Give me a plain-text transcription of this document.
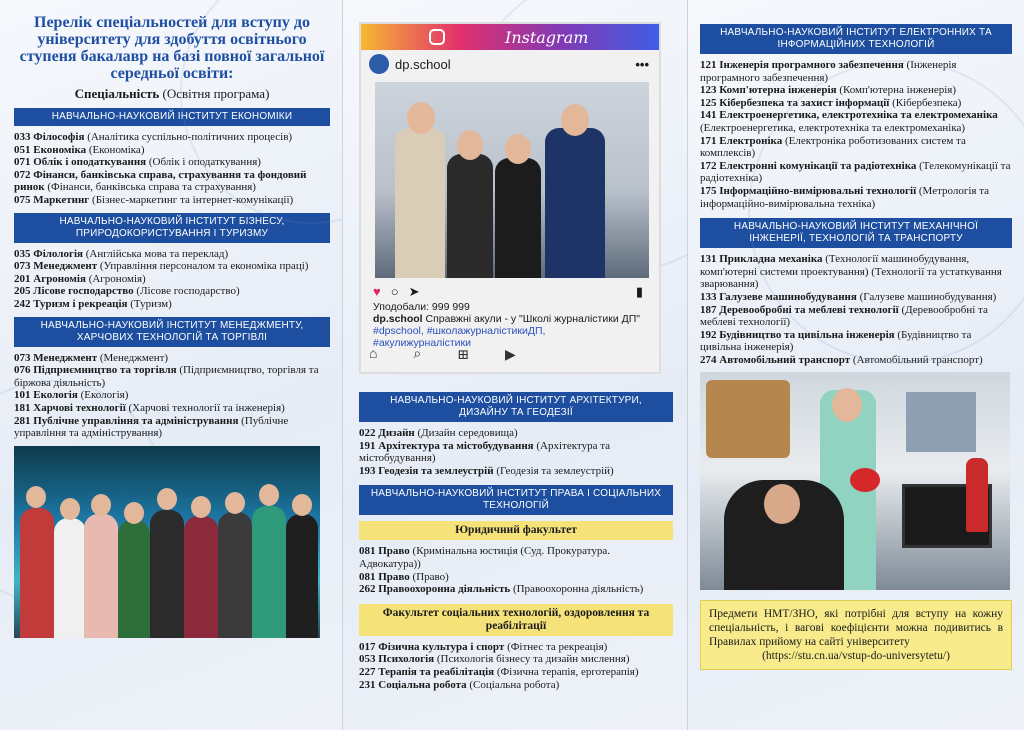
Перелік спеціальностей для вступу до університету для здобуття освітнього ступеня бакалавр на базі повної загальної середньої освіти:

Спеціальність (Освітня програма)

НАВЧАЛЬНО-НАУКОВИЙ ІНСТИТУТ ЕКОНОМІКИ
033 Філософія (Аналітика суспільно-політичних процесів)
051 Економіка (Економіка)
071 Облік і оподаткування (Облік і оподаткування)
072 Фінанси, банківська справа, страхування та фондовий ринок (Фінанси, банківська справа та страхування)
075 Маркетинг (Бізнес-маркетинг та інтернет-комунікації)
НАВЧАЛЬНО-НАУКОВИЙ ІНСТИТУТ БІЗНЕСУ, ПРИРОДОКОРИСТУВАННЯ І ТУРИЗМУ
035 Філологія (Англійська мова та переклад)
073 Менеджмент (Управління персоналом та економіка праці)
201 Агрономія (Агрономія)
205 Лісове господарство (Лісове господарство)
242 Туризм і рекреація (Туризм)
НАВЧАЛЬНО-НАУКОВИЙ ІНСТИТУТ МЕНЕДЖМЕНТУ, ХАРЧОВИХ ТЕХНОЛОГІЙ ТА ТОРГІВЛІ
073 Менеджмент (Менеджмент)
076 Підприємництво та торгівля (Підприємництво, торгівля та біржова діяльність)
101 Екологія (Екологія)
181 Харчові технології (Харчові технології та інженерія)
281 Публічне управління та адміністрування (Публічне управління та адміністрування)
Instagram
dp.school	•••
♥ ○ ➤	▮
Уподобали: 999 999
dp.school Справжні акули - у "Школі журналістики ДП"
#dpschool, #школажурналістикиДП, #акулижурналістики
⌂	⌕	⊞	▶
НАВЧАЛЬНО-НАУКОВИЙ ІНСТИТУТ АРХІТЕКТУРИ, ДИЗАЙНУ ТА ГЕОДЕЗІЇ
022 Дизайн (Дизайн середовища)
191 Архітектура та містобудування (Архітектура та містобудування)
193 Геодезія та землеустрій (Геодезія та землеустрій)
НАВЧАЛЬНО-НАУКОВИЙ ІНСТИТУТ ПРАВА І СОЦІАЛЬНИХ ТЕХНОЛОГІЙ
Юридичний факультет
081 Право (Кримінальна юстиція (Суд. Прокуратура. Адвокатура))
081 Право (Право)
262 Правоохоронна діяльність (Правоохоронна діяльність)
Факультет соціальних технологій, оздоровлення та реабілітації
017 Фізична культура і спорт (Фітнес та рекреація)
053 Психологія (Психологія бізнесу та дизайн мислення)
227 Терапія та реабілітація (Фізична терапія, ерготерапія)
231 Соціальна робота (Соціальна робота)
НАВЧАЛЬНО-НАУКОВИЙ ІНСТИТУТ ЕЛЕКТРОННИХ ТА ІНФОРМАЦІЙНИХ ТЕХНОЛОГІЙ
121 Інженерія програмного забезпечення (Інженерія програмного забезпечення)
123 Комп'ютерна інженерія (Комп'ютерна інженерія)
125 Кібербезпека та захист інформації (Кібербезпека)
141 Електроенергетика, електротехніка та електромеханіка (Електроенергетика, електротехніка та електромеханіка)
171 Електроніка (Електроніка роботизованих систем та комплексів)
172 Електронні комунікації та радіотехніка (Телекомунікації та радіотехніка)
175 Інформаційно-вимірювальні технології (Метрологія та інформаційно-вимірювальна техніка)
НАВЧАЛЬНО-НАУКОВИЙ ІНСТИТУТ МЕХАНІЧНОЇ ІНЖЕНЕРІЇ, ТЕХНОЛОГІЙ ТА ТРАНСПОРТУ
131 Прикладна механіка (Технології машинобудування, комп'ютерні системи проектування) (Технології та устаткування зварювання)
133 Галузеве машинобудування (Галузеве машинобудування)
187 Деревообробні та меблеві технології (Деревообробні та меблеві технології)
192 Будівництво та цивільна інженерія (Будівництво та цивільна інженерія)
274 Автомобільний транспорт (Автомобільний транспорт)
Предмети НМТ/ЗНО, які потрібні для вступу на кожну спеціальність, і вагові коефіцієнти можна подивитись в Правилах прийому на сайті університету
(https://stu.cn.ua/vstup-do-universytetu/)
